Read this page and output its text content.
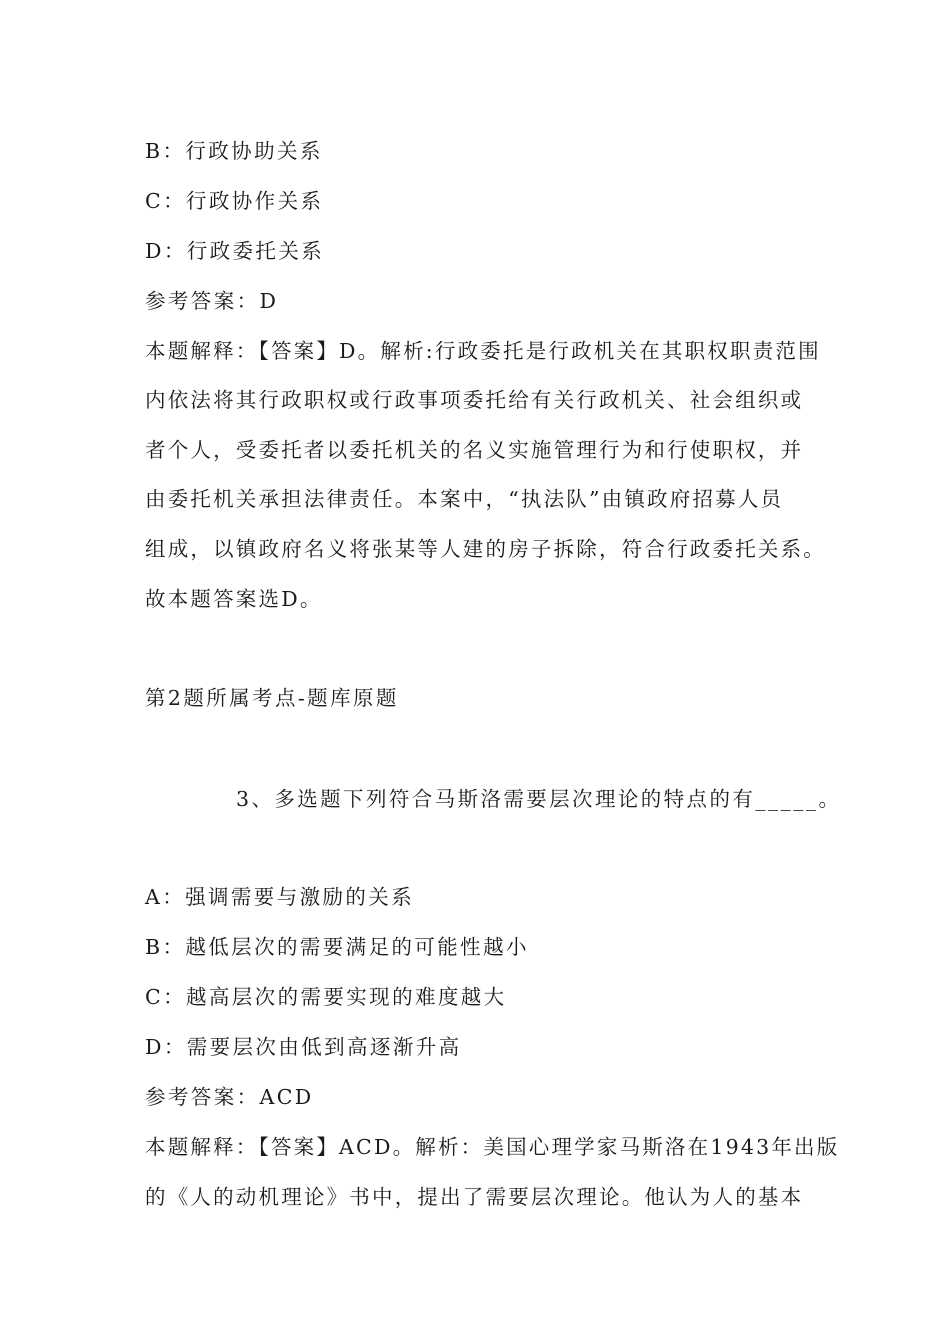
B：行政协助关系
C：行政协作关系
D：行政委托关系
参考答案：D
本题解释：【答案】D。解析:行政委托是行政机关在其职权职责范围
内依法将其行政职权或行政事项委托给有关行政机关、社会组织或
者个人，受委托者以委托机关的名义实施管理行为和行使职权，并
由委托机关承担法律责任。本案中，“执法队”由镇政府招募人员
组成，以镇政府名义将张某等人建的房子拆除，符合行政委托关系。
故本题答案选D。
第2题所属考点-题库原题
3、多选题下列符合马斯洛需要层次理论的特点的有_____。
A：强调需要与激励的关系
B：越低层次的需要满足的可能性越小
C：越高层次的需要实现的难度越大
D：需要层次由低到高逐渐升高
参考答案：ACD
本题解释：【答案】ACD。解析：美国心理学家马斯洛在1943年出版
的《人的动机理论》书中，提出了需要层次理论。他认为人的基本
